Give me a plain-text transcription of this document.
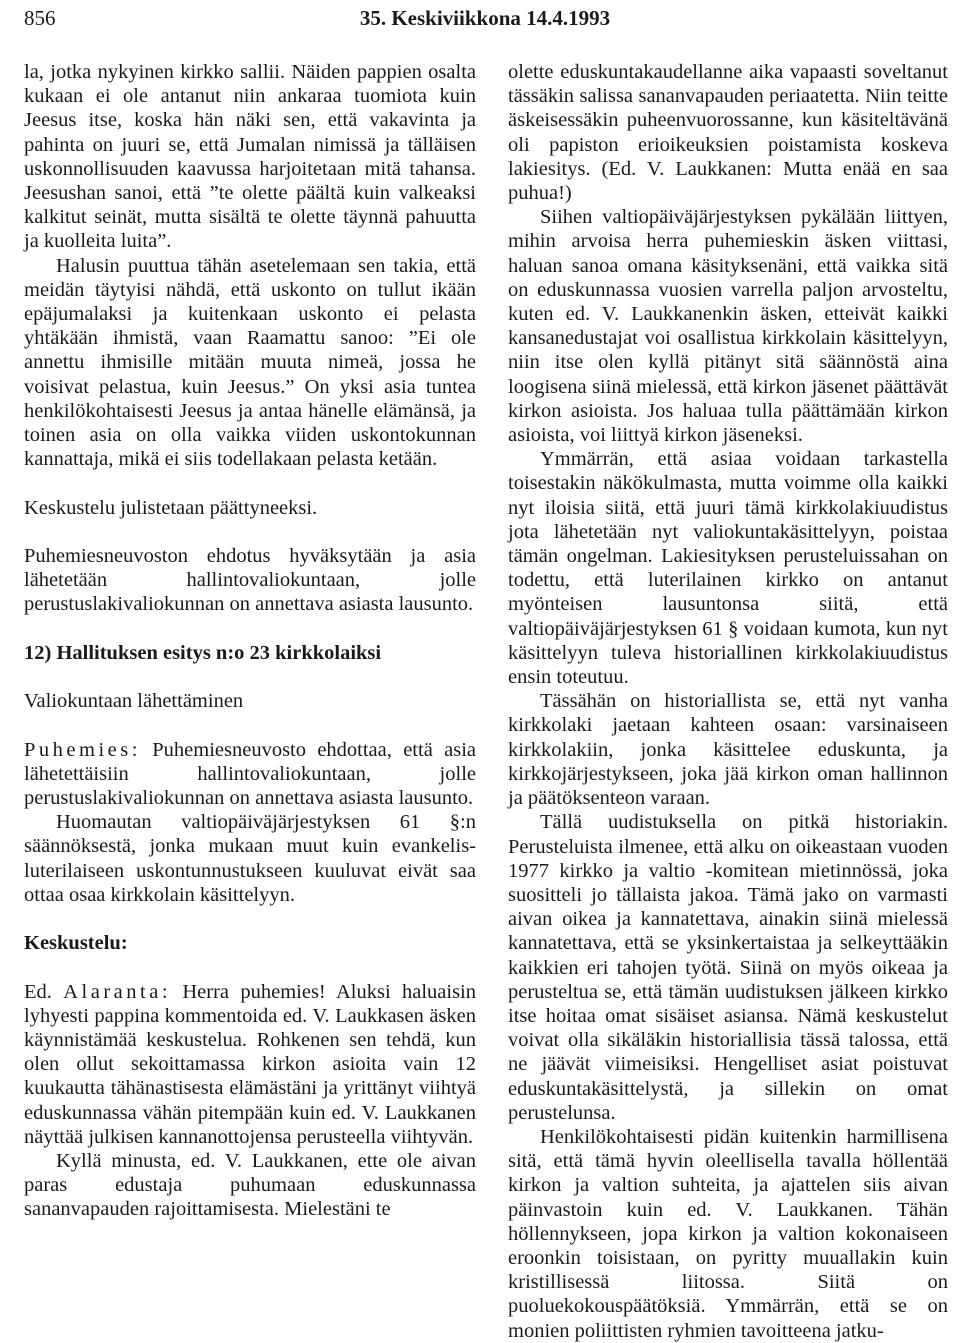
856	35. Keskiviikkona 14.4.1993

la, jotka nykyinen kirkko sallii. Näiden pappien osalta kukaan ei ole antanut niin ankaraa tuomiota kuin Jeesus itse, koska hän näki sen, että vakavinta ja pahinta on juuri se, että Jumalan nimissä ja tälläisen uskonnollisuuden kaavussa harjoitetaan mitä tahansa. Jeesushan sanoi, että ”te olette päältä kuin valkeaksi kalkitut seinät, mutta sisältä te olette täynnä pahuutta ja kuolleita luita”.

Halusin puuttua tähän asetelemaan sen takia, että meidän täytyisi nähdä, että uskonto on tullut ikään epäjumalaksi ja kuitenkaan uskonto ei pelasta yhtäkään ihmistä, vaan Raamattu sanoo: ”Ei ole annettu ihmisille mitään muuta nimeä, jossa he voisivat pelastua, kuin Jeesus.” On yksi asia tuntea henkilökohtaisesti Jeesus ja antaa hänelle elämänsä, ja toinen asia on olla vaikka viiden uskontokunnan kannattaja, mikä ei siis todellakaan pelasta ketään.

Keskustelu julistetaan päättyneeksi.

Puhemiesneuvoston ehdotus hyväksytään ja asia lähetetään hallintovaliokuntaan, jolle perustuslakivaliokunnan on annettava asiasta lausunto.

12) Hallituksen esitys n:o 23 kirkkolaiksi

Valiokuntaan lähettäminen

Puhemies: Puhemiesneuvosto ehdottaa, että asia lähetettäisiin hallintovaliokuntaan, jolle perustuslakivaliokunnan on annettava asiasta lausunto.

Huomautan valtiopäiväjärjestyksen 61 §:n säännöksestä, jonka mukaan muut kuin evankelis-luterilaiseen uskontunnustukseen kuuluvat eivät saa ottaa osaa kirkkolain käsittelyyn.

Keskustelu:

Ed. Alaranta: Herra puhemies! Aluksi haluaisin lyhyesti pappina kommentoida ed. V. Laukkasen äsken käynnistämää keskustelua. Rohkenen sen tehdä, kun olen ollut sekoittamassa kirkon asioita vain 12 kuukautta tähänastisesta elämästäni ja yrittänyt viihtyä eduskunnassa vähän pitempään kuin ed. V. Laukkanen näyttää julkisen kannanottojensa perusteella viihtyvän.

Kyllä minusta, ed. V. Laukkanen, ette ole aivan paras edustaja puhumaan eduskunnassa sananvapauden rajoittamisesta. Mielestäni te

olette eduskuntakaudellanne aika vapaasti soveltanut tässäkin salissa sananvapauden periaatetta. Niin teitte äskeisessäkin puheenvuorossanne, kun käsiteltävänä oli papiston erioikeuksien poistamista koskeva lakiesitys. (Ed. V. Laukkanen: Mutta enää en saa puhua!)

Siihen valtiopäiväjärjestyksen pykälään liittyen, mihin arvoisa herra puhemieskin äsken viittasi, haluan sanoa omana käsityksenäni, että vaikka sitä on eduskunnassa vuosien varrella paljon arvosteltu, kuten ed. V. Laukkanenkin äsken, etteivät kaikki kansanedustajat voi osallistua kirkkolain käsittelyyn, niin itse olen kyllä pitänyt sitä säännöstä aina loogisena siinä mielessä, että kirkon jäsenet päättävät kirkon asioista. Jos haluaa tulla päättämään kirkon asioista, voi liittyä kirkon jäseneksi.

Ymmärrän, että asiaa voidaan tarkastella toisestakin näkökulmasta, mutta voimme olla kaikki nyt iloisia siitä, että juuri tämä kirkkolakiuudistus jota lähetetään nyt valiokuntakäsittelyyn, poistaa tämän ongelman. Lakiesityksen perusteluissahan on todettu, että luterilainen kirkko on antanut myönteisen lausuntonsa siitä, että valtiopäiväjärjestyksen 61 § voidaan kumota, kun nyt käsittelyyn tuleva historiallinen kirkkolakiuudistus ensin toteutuu.

Tässähän on historiallista se, että nyt vanha kirkkolaki jaetaan kahteen osaan: varsinaiseen kirkkolakiin, jonka käsittelee eduskunta, ja kirkkojärjestykseen, joka jää kirkon oman hallinnon ja päätöksenteon varaan.

Tällä uudistuksella on pitkä historiakin. Perusteluista ilmenee, että alku on oikeastaan vuoden 1977 kirkko ja valtio -komitean mietinnössä, joka suositteli jo tällaista jakoa. Tämä jako on varmasti aivan oikea ja kannatettava, ainakin siinä mielessä kannatettava, että se yksinkertaistaa ja selkeyttääkin kaikkien eri tahojen työtä. Siinä on myös oikeaa ja perusteltua se, että tämän uudistuksen jälkeen kirkko itse hoitaa omat sisäiset asiansa. Nämä keskustelut voivat olla sikäläkin historiallisia tässä talossa, että ne jäävät viimeisiksi. Hengelliset asiat poistuvat eduskuntakäsittelystä, ja sillekin on omat perustelunsa.

Henkilökohtaisesti pidän kuitenkin harmillisena sitä, että tämä hyvin oleellisella tavalla höllentää kirkon ja valtion suhteita, ja ajattelen siis aivan päinvastoin kuin ed. V. Laukkanen. Tähän höllennykseen, jopa kirkon ja valtion kokonaiseen eroonkin toisistaan, on pyritty muuallakin kuin kristillisessä liitossa. Siitä on puoluekokouspäätöksiä. Ymmärrän, että se on monien poliittisten ryhmien tavoitteena jatku-
